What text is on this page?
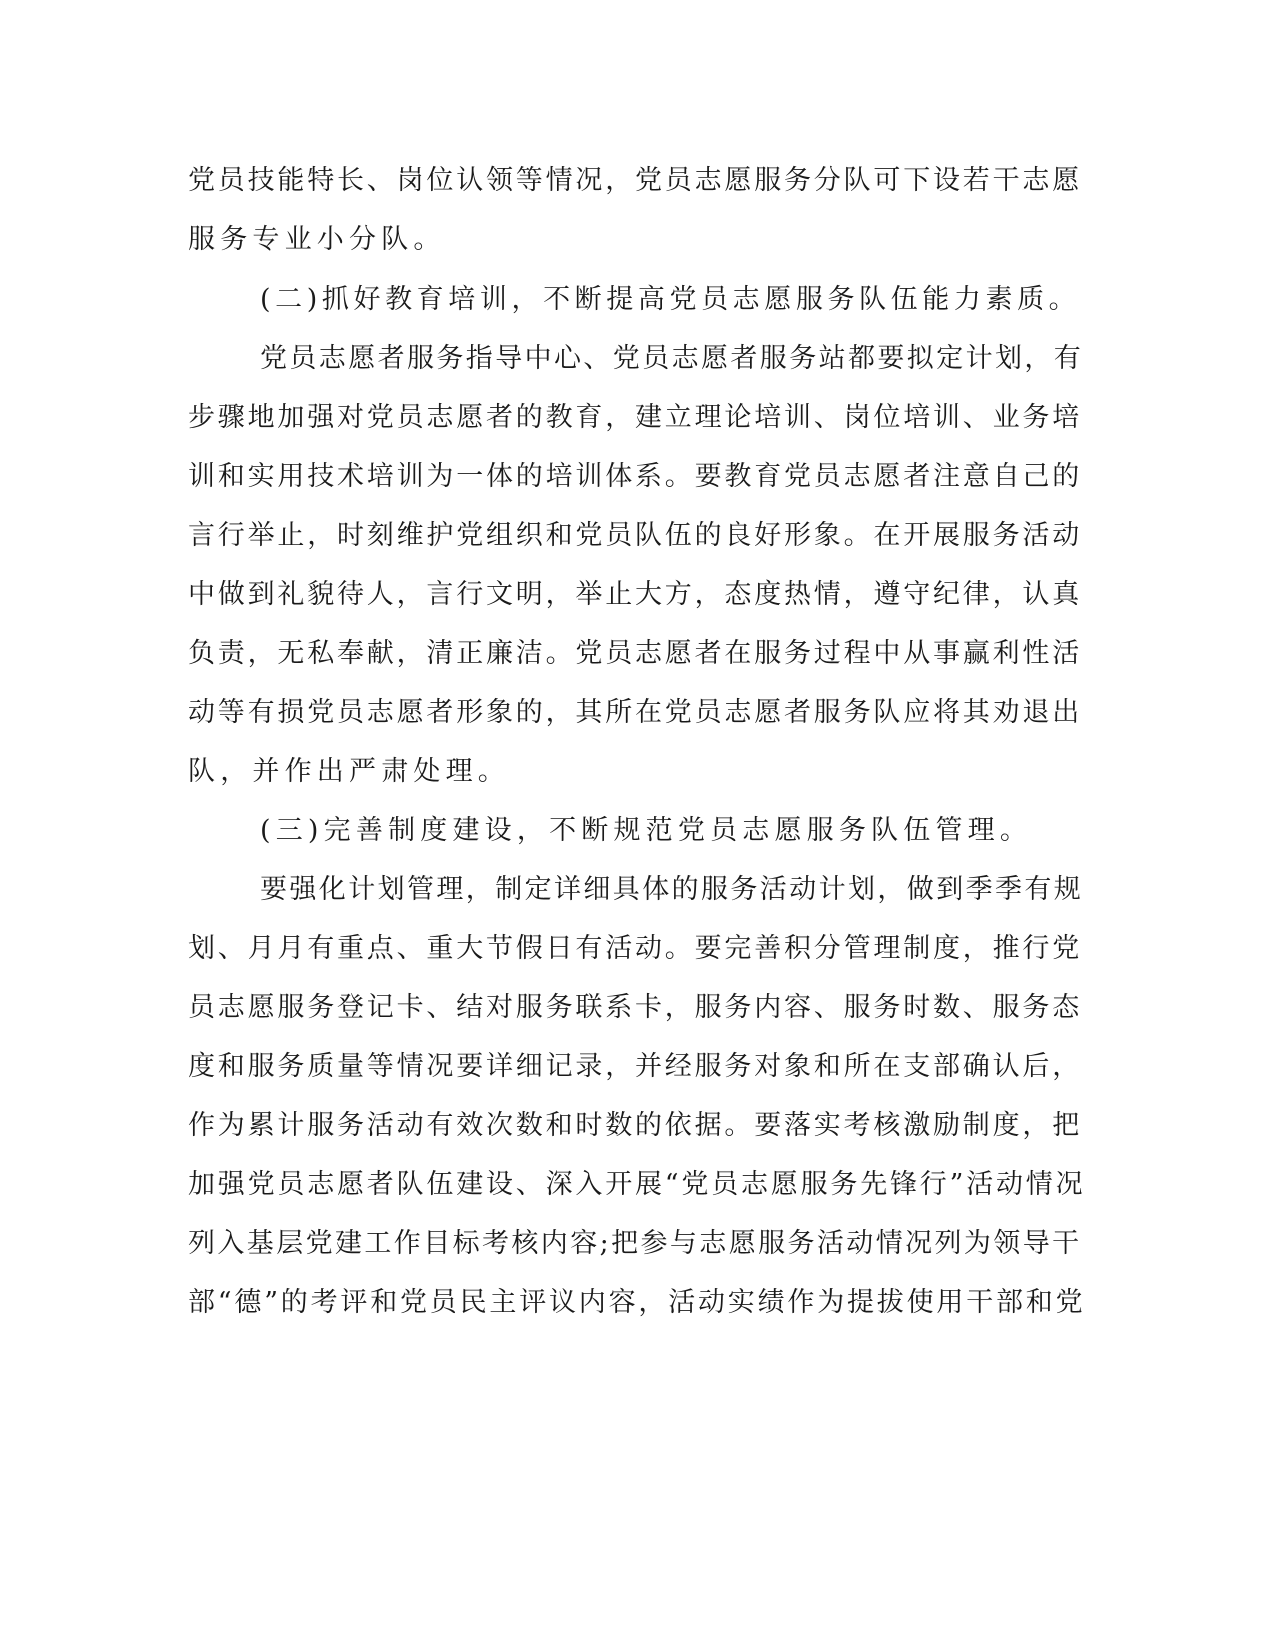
党员技能特长、岗位认领等情况，党员志愿服务分队可下设若干志愿

服务专业小分队。

(二)抓好教育培训，不断提高党员志愿服务队伍能力素质。

党员志愿者服务指导中心、党员志愿者服务站都要拟定计划，有

步骤地加强对党员志愿者的教育，建立理论培训、岗位培训、业务培

训和实用技术培训为一体的培训体系。要教育党员志愿者注意自己的

言行举止，时刻维护党组织和党员队伍的良好形象。在开展服务活动

中做到礼貌待人，言行文明，举止大方，态度热情，遵守纪律，认真

负责，无私奉献，清正廉洁。党员志愿者在服务过程中从事赢利性活

动等有损党员志愿者形象的，其所在党员志愿者服务队应将其劝退出

队，并作出严肃处理。

(三)完善制度建设，不断规范党员志愿服务队伍管理。

要强化计划管理，制定详细具体的服务活动计划，做到季季有规

划、月月有重点、重大节假日有活动。要完善积分管理制度，推行党

员志愿服务登记卡、结对服务联系卡，服务内容、服务时数、服务态

度和服务质量等情况要详细记录，并经服务对象和所在支部确认后，

作为累计服务活动有效次数和时数的依据。要落实考核激励制度，把

加强党员志愿者队伍建设、深入开展“党员志愿服务先锋行”活动情况

列入基层党建工作目标考核内容;把参与志愿服务活动情况列为领导干

部“德”的考评和党员民主评议内容，活动实绩作为提拔使用干部和党
